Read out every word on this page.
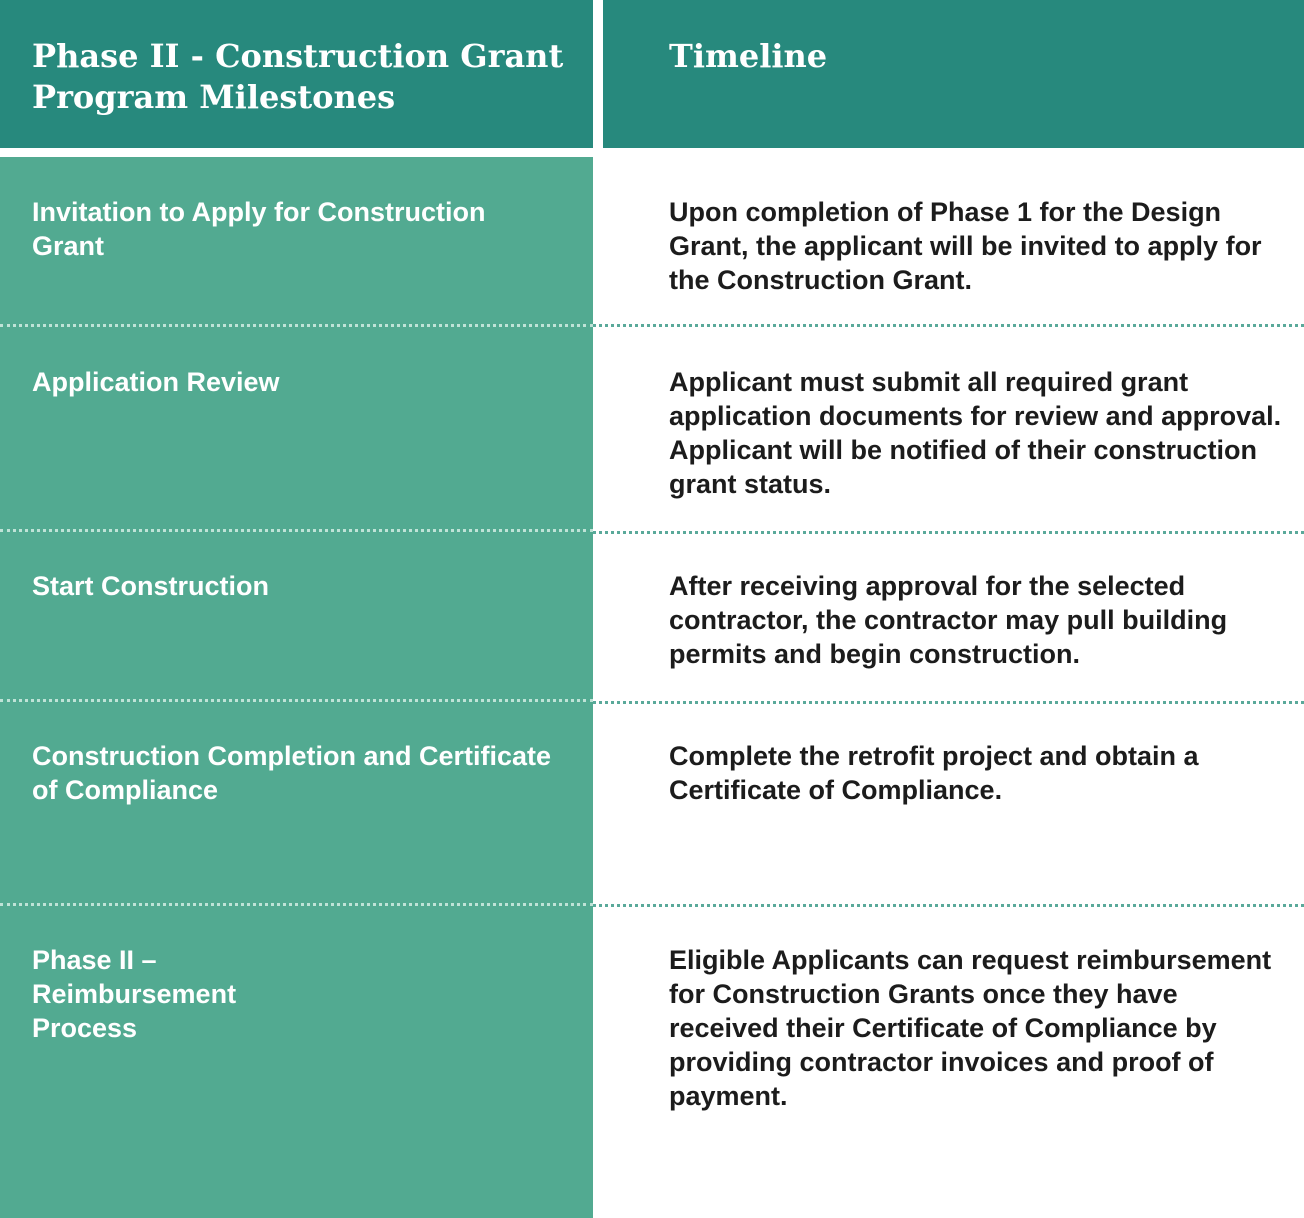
Phase II - Construction Grant Program Milestones
Timeline
Invitation to Apply for Construction Grant
Upon completion of Phase 1 for the Design Grant, the applicant will be invited to apply for the Construction Grant.
Application Review	Applicant must submit all required grant application documents for review and approval. Applicant will be notified of their construction grant status.
Start Construction	After receiving approval for the selected contractor, the contractor may pull building permits and begin construction.
Construction Completion and Certificate of Compliance
Complete the retrofit project and obtain a Certificate of Compliance.
Phase II – Reimbursement Process
Eligible Applicants can request reimbursement for Construction Grants once they have received their Certificate of Compliance by providing contractor invoices and proof of payment.
